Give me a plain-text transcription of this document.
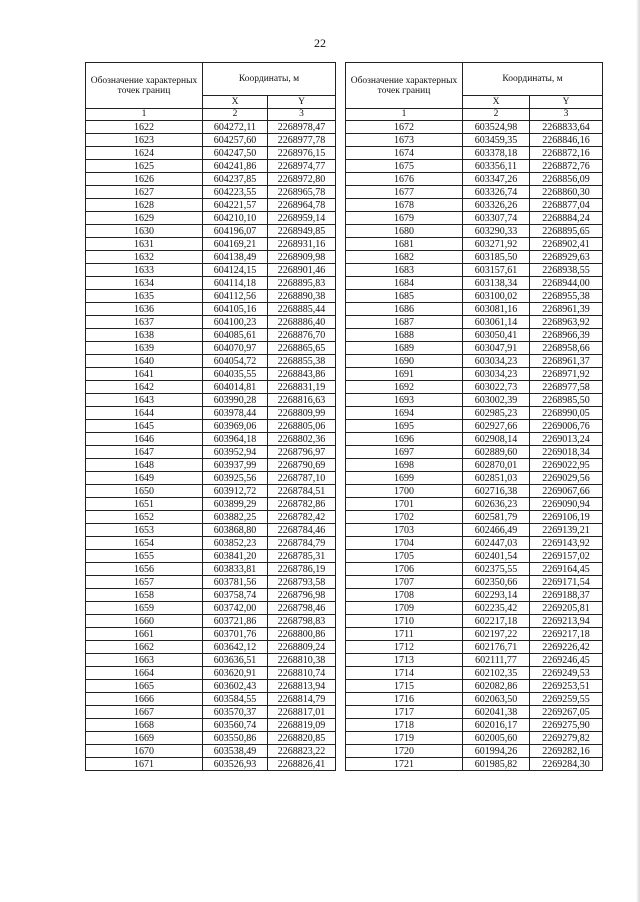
22
Обозначение характерных точек границ	Координаты, м	
	X	Y
1	2	3
1622	604272,11	2268978,47
1623	604257,60	2268977,78
1624	604247,50	2268976,15
1625	604241,86	2268974,77
1626	604237,85	2268972,80
1627	604223,55	2268965,78
1628	604221,57	2268964,78
1629	604210,10	2268959,14
1630	604196,07	2268949,85
1631	604169,21	2268931,16
1632	604138,49	2268909,98
1633	604124,15	2268901,46
1634	604114,18	2268895,83
1635	604112,56	2268890,38
1636	604105,16	2268885,44
1637	604100,23	2268886,40
1638	604085,61	2268876,70
1639	604070,97	2268865,65
1640	604054,72	2268855,38
1641	604035,55	2268843,86
1642	604014,81	2268831,19
1643	603990,28	2268816,63
1644	603978,44	2268809,99
1645	603969,06	2268805,06
1646	603964,18	2268802,36
1647	603952,94	2268796,97
1648	603937,99	2268790,69
1649	603925,56	2268787,10
1650	603912,72	2268784,51
1651	603899,29	2268782,86
1652	603882,25	2268782,42
1653	603868,80	2268784,46
1654	603852,23	2268784,79
1655	603841,20	2268785,31
1656	603833,81	2268786,19
1657	603781,56	2268793,58
1658	603758,74	2268796,98
1659	603742,00	2268798,46
1660	603721,86	2268798,83
1661	603701,76	2268800,86
1662	603642,12	2268809,24
1663	603636,51	2268810,38
1664	603620,91	2268810,74
1665	603602,43	2268813,94
1666	603584,55	2268814,79
1667	603570,37	2268817,01
1668	603560,74	2268819,09
1669	603550,86	2268820,85
1670	603538,49	2268823,22
1671	603526,93	2268826,41
Обозначение характерных точек границ	Координаты, м	
	X	Y
1	2	3
1672	603524,98	2268833,64
1673	603459,35	2268846,16
1674	603378,18	2268872,16
1675	603356,11	2268872,76
1676	603347,26	2268856,09
1677	603326,74	2268860,30
1678	603326,26	2268877,04
1679	603307,74	2268884,24
1680	603290,33	2268895,65
1681	603271,92	2268902,41
1682	603185,50	2268929,63
1683	603157,61	2268938,55
1684	603138,34	2268944,00
1685	603100,02	2268955,38
1686	603081,16	2268961,39
1687	603061,14	2268963,92
1688	603050,41	2268966,39
1689	603047,91	2268958,66
1690	603034,23	2268961,37
1691	603034,23	2268971,92
1692	603022,73	2268977,58
1693	603002,39	2268985,50
1694	602985,23	2268990,05
1695	602927,66	2269006,76
1696	602908,14	2269013,24
1697	602889,60	2269018,34
1698	602870,01	2269022,95
1699	602851,03	2269029,56
1700	602716,38	2269067,66
1701	602636,23	2269090,94
1702	602581,79	2269106,19
1703	602466,49	2269139,21
1704	602447,03	2269143,92
1705	602401,54	2269157,02
1706	602375,55	2269164,45
1707	602350,66	2269171,54
1708	602293,14	2269188,37
1709	602235,42	2269205,81
1710	602217,18	2269213,94
1711	602197,22	2269217,18
1712	602176,71	2269226,42
1713	602111,77	2269246,45
1714	602102,35	2269249,53
1715	602082,86	2269253,51
1716	602063,50	2269259,55
1717	602041,38	2269267,05
1718	602016,17	2269275,90
1719	602005,60	2269279,82
1720	601994,26	2269282,16
1721	601985,82	2269284,30
